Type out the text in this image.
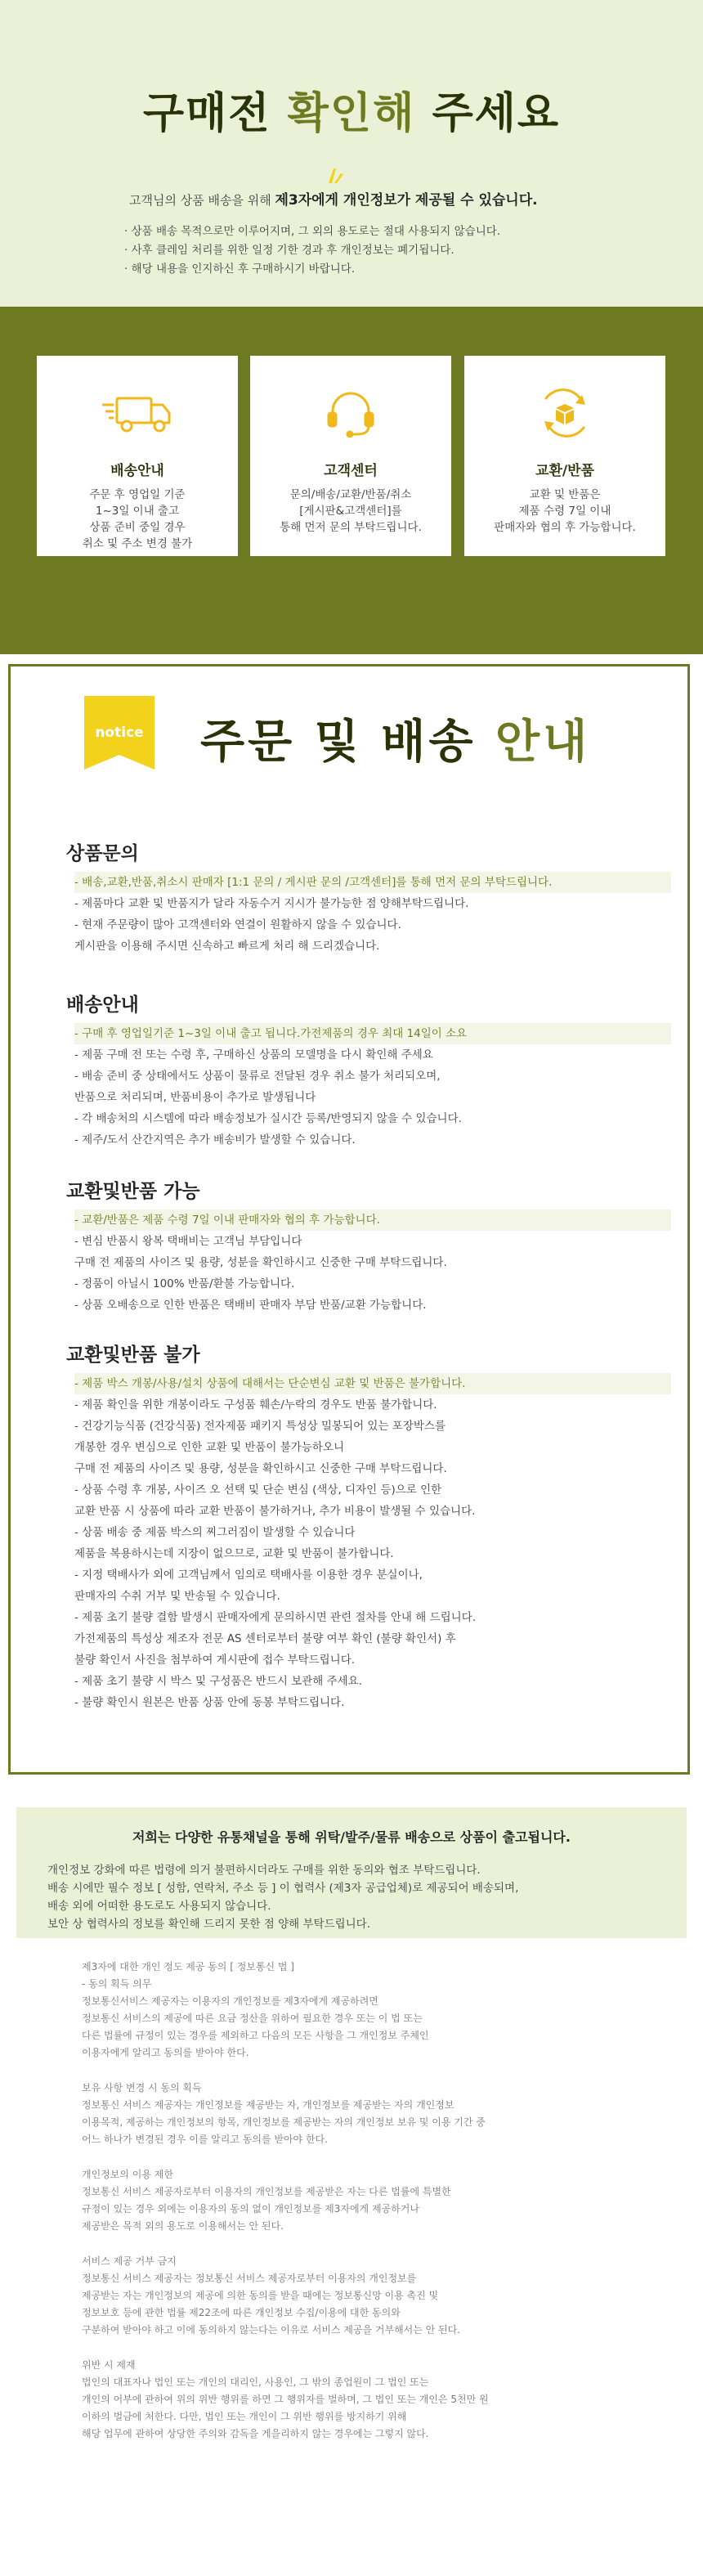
구매전 확인해 주세요
고객님의 상품 배송을 위해 제3자에게 개인정보가 제공될 수 있습니다.
· 상품 배송 목적으로만 이루어지며, 그 외의 용도로는 절대 사용되지 않습니다.
· 사후 클레임 처리를 위한 일정 기한 경과 후 개인정보는 폐기됩니다.
· 해당 내용을 인지하신 후 구매하시기 바랍니다.
배송안내
주문 후 영업일 기준
1~3일 이내 출고
상품 준비 중일 경우
취소 및 주소 변경 불가
고객센터
문의/배송/교환/반품/취소
[게시판&고객센터]를
통해 먼저 문의 부탁드립니다.
교환/반품
교환 및 반품은
제품 수령 7일 이내
판매자와 협의 후 가능합니다.
notice 주문 및 배송 안내
상품문의
- 배송,교환,반품,취소시 판매자 [1:1 문의 / 게시판 문의 /고객센터]를 통해 먼저 문의 부탁드립니다.
- 제품마다 교환 및 반품지가 달라 자동수거 지시가 불가능한 점 양해부탁드립니다.
- 현재 주문량이 많아 고객센터와 연결이 원활하지 않을 수 있습니다.
게시판을 이용해 주시면 신속하고 빠르게 처리 해 드리겠습니다.
배송안내
- 구매 후 영업일기준 1~3일 이내 출고 됩니다.가전제품의 경우 최대 14일이 소요
- 제품 구매 전 또는 수령 후, 구매하신 상품의 모델명을 다시 확인해 주세요
- 배송 준비 중 상태에서도 상품이 물류로 전달된 경우 취소 불가 처리되오며,
반품으로 처리되며, 반품비용이 추가로 발생됩니다
- 각 배송처의 시스템에 따라 배송정보가 실시간 등록/반영되지 않을 수 있습니다.
- 제주/도서 산간지역은 추가 배송비가 발생할 수 있습니다.
교환및반품 가능
- 교환/반품은 제품 수령 7일 이내 판매자와 협의 후 가능합니다.
- 변심 반품시 왕복 택배비는 고객님 부담입니다
구매 전 제품의 사이즈 및 용량, 성분을 확인하시고 신중한 구매 부탁드립니다.
- 정품이 아닐시 100% 반품/환불 가능합니다.
- 상품 오배송으로 인한 반품은 택배비 판매자 부담 반품/교환 가능합니다.
교환및반품 불가
- 제품 박스 개봉/사용/설치 상품에 대해서는 단순변심 교환 및 반품은 불가합니다.
- 제품 확인을 위한 개봉이라도 구성품 훼손/누락의 경우도 반품 불가합니다.
- 건강기능식품 (건강식품) 전자제품 패키지 특성상 밀봉되어 있는 포장박스를
개봉한 경우 변심으로 인한 교환 및 반품이 불가능하오니
구매 전 제품의 사이즈 및 용량, 성분을 확인하시고 신중한 구매 부탁드립니다.
- 상품 수령 후 개봉, 사이즈 오 선택 및 단순 변심 (색상, 디자인 등)으로 인한
교환 반품 시 상품에 따라 교환 반품이 불가하거나, 추가 비용이 발생될 수 있습니다.
- 상품 배송 중 제품 박스의 찌그러짐이 발생할 수 있습니다
제품을 복용하시는데 지장이 없으므로, 교환 및 반품이 불가합니다.
- 지정 택배사가 외에 고객님께서 임의로 택배사를 이용한 경우 분실이나,
판매자의 수취 거부 및 반송될 수 있습니다.
- 제품 초기 불량 결함 발생시 판매자에게 문의하시면 관련 절차를 안내 해 드립니다.
가전제품의 특성상 제조자 전문 AS 센터로부터 불량 여부 확인 (불량 확인서) 후
불량 확인서 사진을 첨부하여 게시판에 접수 부탁드립니다.
- 제품 초기 불량 시 박스 및 구성품은 반드시 보관해 주세요.
- 불량 확인시 원본은 반품 상품 안에 동봉 부탁드립니다.
저희는 다양한 유통채널을 통해 위탁/발주/물류 배송으로 상품이 출고됩니다.
개인정보 강화에 따른 법령에 의거 불편하시더라도 구매를 위한 동의와 협조 부탁드립니다.
배송 시에만 필수 정보 [ 성함, 연락처, 주소 등 ] 이 협력사 (제3자 공급업체)로 제공되어 배송되며,
배송 외에 어떠한 용도로도 사용되지 않습니다.
보안 상 협력사의 정보를 확인해 드리지 못한 점 양해 부탁드립니다.
제3자에 대한 개인 정도 제공 동의 [ 정보통신 법 ]
- 동의 획득 의무
정보통신서비스 제공자는 이용자의 개인정보를 제3자에게 제공하려면
정보통신 서비스의 제공에 따른 요금 정산을 위하여 필요한 경우 또는 이 법 또는
다른 법률에 규정이 있는 경우를 제외하고 다음의 모든 사항을 그 개인정보 주체인
이용자에게 알리고 동의를 받아야 한다.
보유 사항 변경 시 동의 획득
정보통신 서비스 제공자는 개인정보를 제공받는 자, 개인정보를 제공받는 자의 개인정보
이용목적, 제공하는 개인정보의 항목, 개인정보를 제공받는 자의 개인정보 보유 및 이용 기간 중
어느 하나가 변경된 경우 이를 알리고 동의를 받아야 한다.
개인정보의 이용 제한
정보통신 서비스 제공자로부터 이용자의 개인정보를 제공받은 자는 다른 법률에 특별한
규정이 있는 경우 외에는 이용자의 동의 없이 개인정보를 제3자에게 제공하거나
제공받은 목적 외의 용도로 이용해서는 안 된다.
서비스 제공 거부 금지
정보통신 서비스 제공자는 정보통신 서비스 제공자로부터 이용자의 개인정보를
제공받는 자는 개인정보의 제공에 의한 동의를 받을 때에는 정보통신망 이용 촉진 및
정보보호 등에 관한 법률 제22조에 따른 개인정보 수집/이용에 대한 동의와
구분하여 받아야 하고 이에 동의하지 않는다는 이유로 서비스 제공을 거부해서는 안 된다.
위반 시 제재
법인의 대표자나 법인 또는 개인의 대리인, 사용인, 그 밖의 종업원이 그 법인 또는
개인의 어부에 관하여 위의 위반 행위를 하면 그 행위자를 벌하며, 그 법인 또는 개인은 5천만 원
이하의 벌금에 처한다. 다만, 법인 또는 개인이 그 위반 행위를 방지하기 위해
해당 업무에 관하여 상당한 주의와 감독을 게을리하지 않는 경우에는 그렇지 않다.
